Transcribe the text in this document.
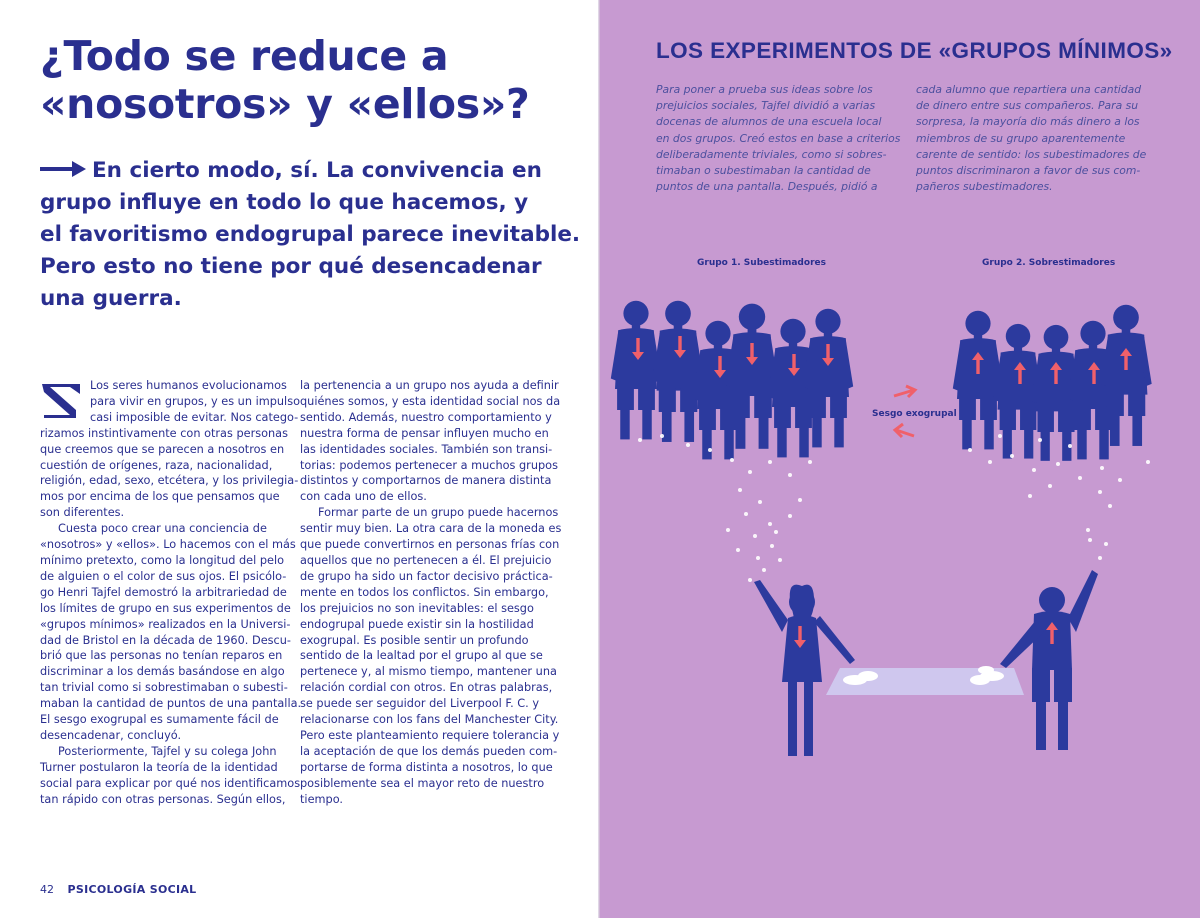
¿Todo se reduce a
«nosotros» y «ellos»?
En cierto modo, sí. La convivencia en
grupo influye en todo lo que hacemos, y
el favoritismo endogrupal parece inevitable.
Pero esto no tiene por qué desencadenar
una guerra.
Los seres humanos evolucionamos
para vivir en grupos, y es un impulso
casi imposible de evitar. Nos catego-
rizamos instintivamente con otras personas
que creemos que se parecen a nosotros en
cuestión de orígenes, raza, nacionalidad,
religión, edad, sexo, etcétera, y los privilegia-
mos por encima de los que pensamos que
son diferentes.
Cuesta poco crear una conciencia de
«nosotros» y «ellos». Lo hacemos con el más
mínimo pretexto, como la longitud del pelo
de alguien o el color de sus ojos. El psicólo-
go Henri Tajfel demostró la arbitrariedad de
los límites de grupo en sus experimentos de
«grupos mínimos» realizados en la Universi-
dad de Bristol en la década de 1960. Descu-
brió que las personas no tenían reparos en
discriminar a los demás basándose en algo
tan trivial como si sobrestimaban o subesti-
maban la cantidad de puntos de una pantalla.
El sesgo exogrupal es sumamente fácil de
desencadenar, concluyó.
Posteriormente, Tajfel y su colega John
Turner postularon la teoría de la identidad
social para explicar por qué nos identificamos
tan rápido con otras personas. Según ellos,
la pertenencia a un grupo nos ayuda a definir
quiénes somos, y esta identidad social nos da
sentido. Además, nuestro comportamiento y
nuestra forma de pensar influyen mucho en
las identidades sociales. También son transi-
torias: podemos pertenecer a muchos grupos
distintos y comportarnos de manera distinta
con cada uno de ellos.
Formar parte de un grupo puede hacernos
sentir muy bien. La otra cara de la moneda es
que puede convertirnos en personas frías con
aquellos que no pertenecen a él. El prejuicio
de grupo ha sido un factor decisivo práctica-
mente en todos los conflictos. Sin embargo,
los prejuicios no son inevitables: el sesgo
endogrupal puede existir sin la hostilidad
exogrupal. Es posible sentir un profundo
sentido de la lealtad por el grupo al que se
pertenece y, al mismo tiempo, mantener una
relación cordial con otros. En otras palabras,
se puede ser seguidor del Liverpool F. C. y
relacionarse con los fans del Manchester City.
Pero este planteamiento requiere tolerancia y
la aceptación de que los demás pueden com-
portarse de forma distinta a nosotros, lo que
posiblemente sea el mayor reto de nuestro
tiempo.
42 PSICOLOGÍA SOCIAL
LOS EXPERIMENTOS DE «GRUPOS MÍNIMOS»
Para poner a prueba sus ideas sobre los
prejuicios sociales, Tajfel dividió a varias
docenas de alumnos de una escuela local
en dos grupos. Creó estos en base a criterios
deliberadamente triviales, como si sobres-
timaban o subestimaban la cantidad de
puntos de una pantalla. Después, pidió a
cada alumno que repartiera una cantidad
de dinero entre sus compañeros. Para su
sorpresa, la mayoría dio más dinero a los
miembros de su grupo aparentemente
carente de sentido: los subestimadores de
puntos discriminaron a favor de sus com-
pañeros subestimadores.
Grupo 1. Subestimadores	Grupo 2. Sobrestimadores
Sesgo exogrupal
